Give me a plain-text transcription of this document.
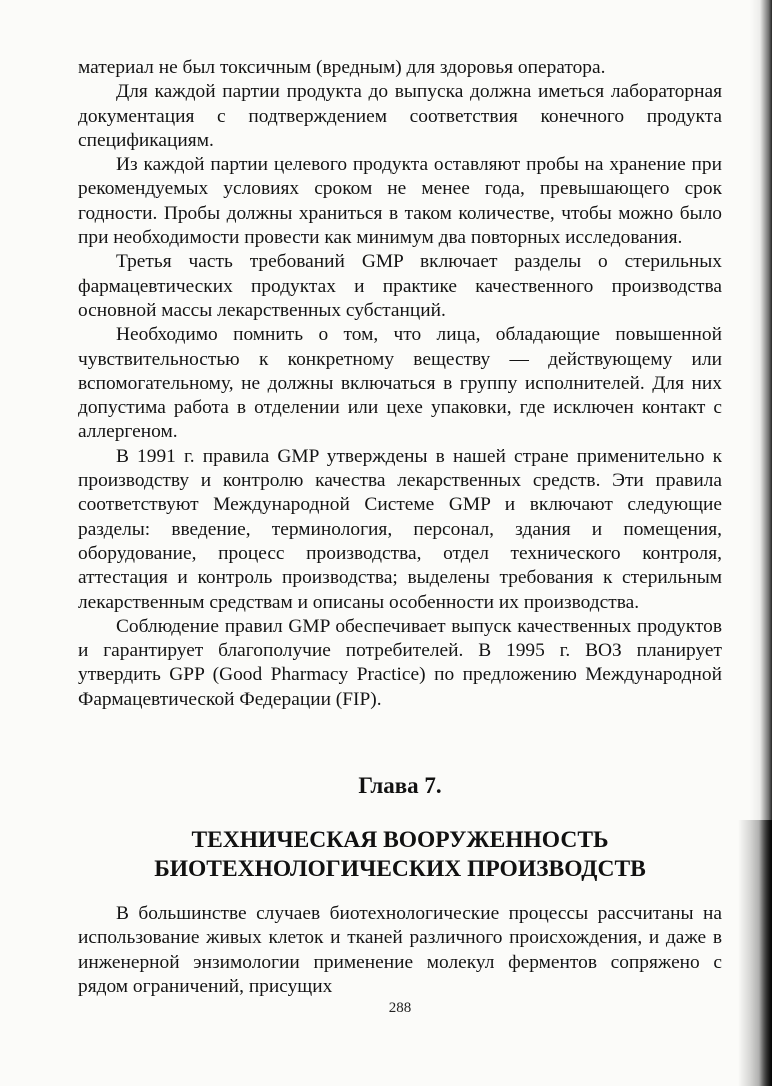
материал не был токсичным (вредным) для здоровья оператора.

Для каждой партии продукта до выпуска должна иметься лабораторная документация с подтверждением соответствия конечного продукта спецификациям.

Из каждой партии целевого продукта оставляют пробы на хранение при рекомендуемых условиях сроком не менее года, превышающего срок годности. Пробы должны храниться в таком количестве, чтобы можно было при необходимости провести как минимум два повторных исследования.

Третья часть требований GMP включает разделы о стерильных фармацевтических продуктах и практике качественного производства основной массы лекарственных субстанций.

Необходимо помнить о том, что лица, обладающие повышенной чувствительностью к конкретному веществу — действующему или вспомогательному, не должны включаться в группу исполнителей. Для них допустима работа в отделении или цехе упаковки, где исключен контакт с аллергеном.

В 1991 г. правила GMP утверждены в нашей стране применительно к производству и контролю качества лекарственных средств. Эти правила соответствуют Международной Системе GMP и включают следующие разделы: введение, терминология, персонал, здания и помещения, оборудование, процесс производства, отдел технического контроля, аттестация и контроль производства; выделены требования к стерильным лекарственным средствам и описаны особенности их производства.

Соблюдение правил GMP обеспечивает выпуск качественных продуктов и гарантирует благополучие потребителей. В 1995 г. ВОЗ планирует утвердить GPP (Good Pharmacy Practice) по предложению Международной Фармацевтической Федерации (FIP).

Глава 7.
ТЕХНИЧЕСКАЯ ВООРУЖЕННОСТЬ
БИОТЕХНОЛОГИЧЕСКИХ ПРОИЗВОДСТВ

В большинстве случаев биотехнологические процессы рассчитаны на использование живых клеток и тканей различного происхождения, и даже в инженерной энзимологии применение молекул ферментов сопряжено с рядом ограничений, присущих

288
